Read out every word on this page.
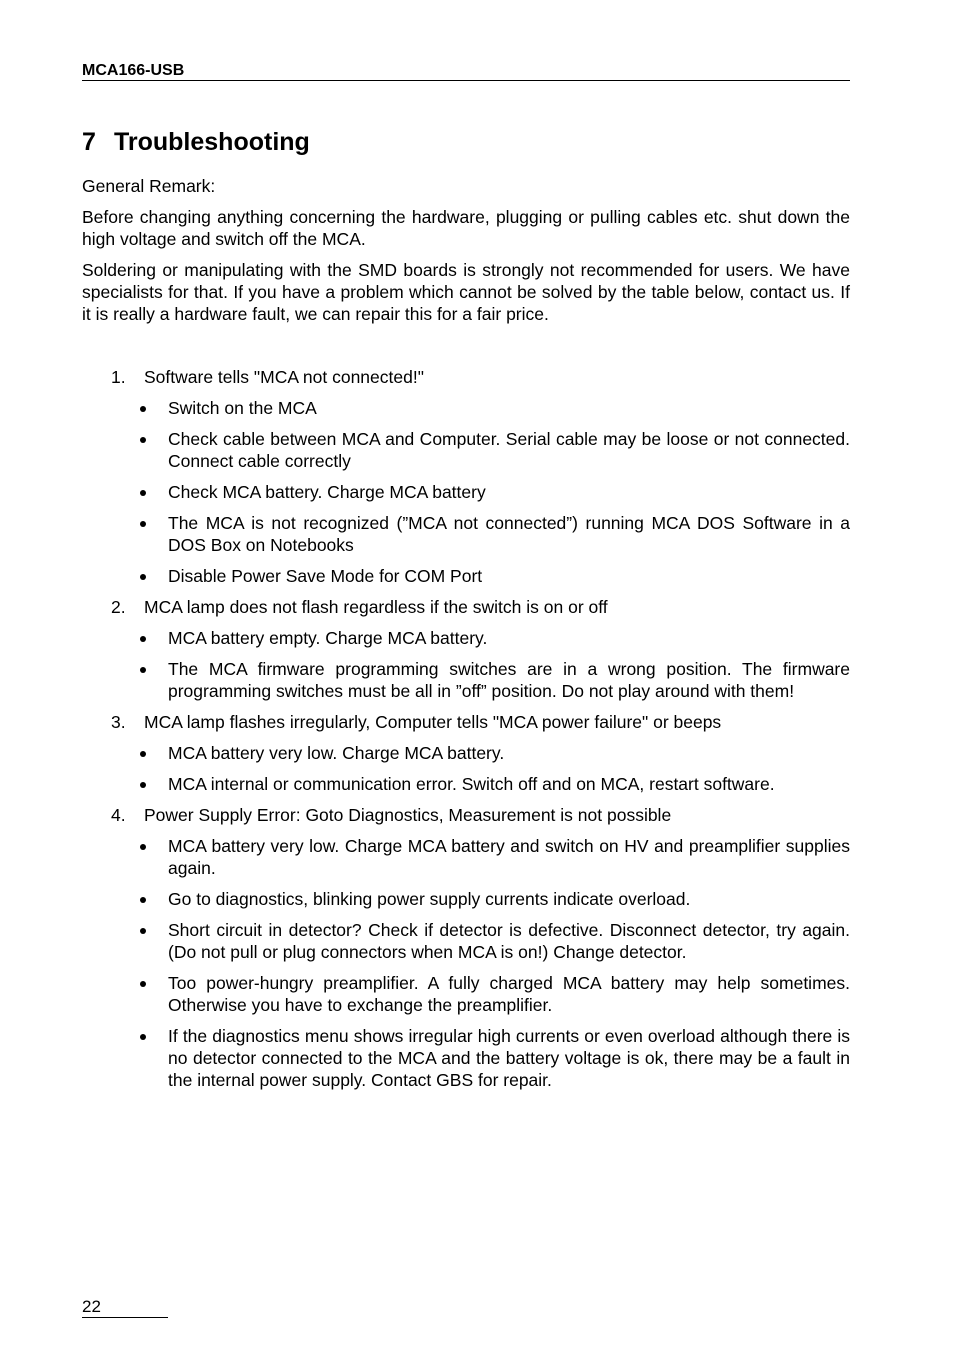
MCA166-USB
7 Troubleshooting

General Remark:

Before changing anything concerning the hardware, plugging or pulling cables etc. shut down the high voltage and switch off the MCA.

Soldering or manipulating with the SMD boards is strongly not recommended for users. We have specialists for that. If you have a problem which cannot be solved by the table below, contact us. If it is really a hardware fault, we can repair this for a fair price.

1. Software tells "MCA not connected!"
Switch on the MCA
Check cable between MCA and Computer. Serial cable may be loose or not connected. Connect cable correctly
Check MCA battery. Charge MCA battery
The MCA is not recognized (”MCA not connected”) running MCA DOS Software in a DOS Box on Notebooks
Disable Power Save Mode for COM Port
2. MCA lamp does not flash regardless if the switch is on or off
MCA battery empty. Charge MCA battery.
The MCA firmware programming switches are in a wrong position. The firmware programming switches must be all in ”off” position. Do not play around with them!
3. MCA lamp flashes irregularly, Computer tells "MCA power failure" or beeps
MCA battery very low. Charge MCA battery.
MCA internal or communication error. Switch off and on MCA, restart software.
4. Power Supply Error: Goto Diagnostics, Measurement is not possible
MCA battery very low. Charge MCA battery and switch on HV and preamplifier supplies again.
Go to diagnostics, blinking power supply currents indicate overload.
Short circuit in detector? Check if detector is defective. Disconnect detector, try again. (Do not pull or plug connectors when MCA is on!) Change detector.
Too power-hungry preamplifier. A fully charged MCA battery may help sometimes. Otherwise you have to exchange the preamplifier.
If the diagnostics menu shows irregular high currents or even overload although there is no detector connected to the MCA and the battery voltage is ok, there may be a fault in the internal power supply. Contact GBS for repair.
22
